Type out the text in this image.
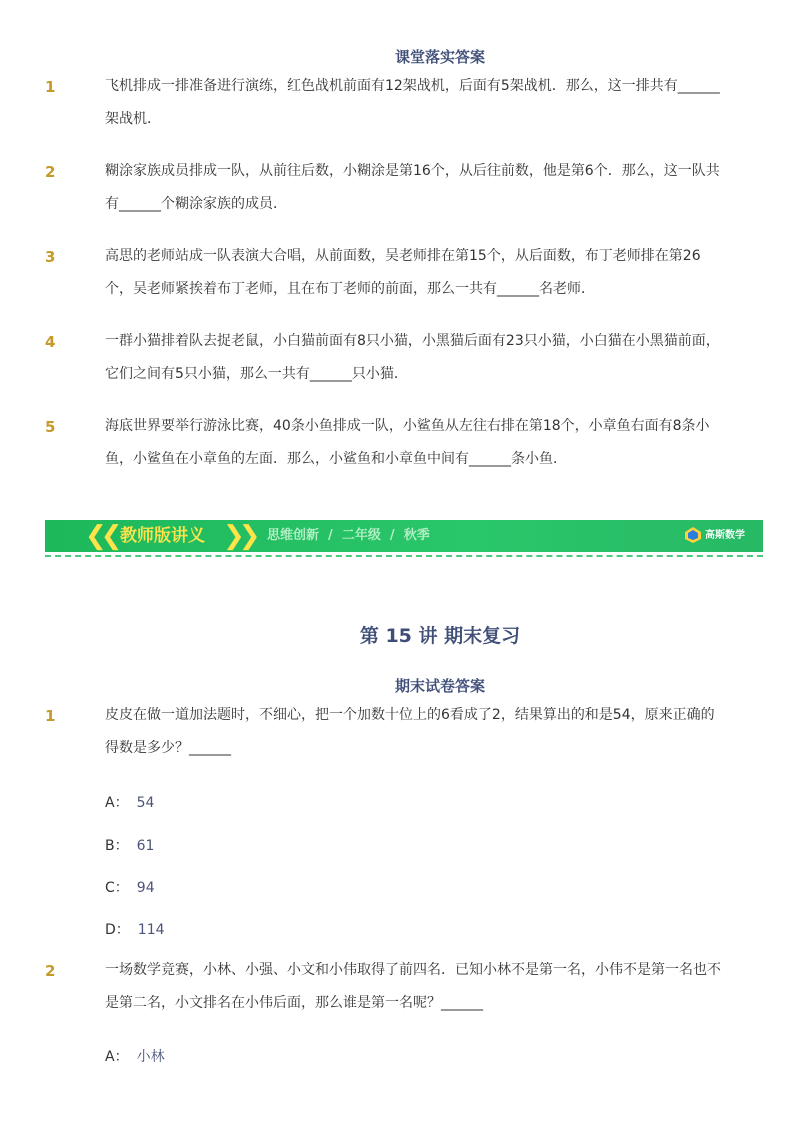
课堂落实答案
1	飞机排成一排准备进行演练，红色战机前面有12架战机，后面有5架战机．那么，这一排共有______架战机．
2	糊涂家族成员排成一队，从前往后数，小糊涂是第16个，从后往前数，他是第6个．那么，这一队共有______个糊涂家族的成员．
3	高思的老师站成一队表演大合唱，从前面数，吴老师排在第15个，从后面数，布丁老师排在第26个，吴老师紧挨着布丁老师，且在布丁老师的前面，那么一共有______名老师．
4	一群小猫排着队去捉老鼠，小白猫前面有8只小猫，小黑猫后面有23只小猫，小白猫在小黑猫前面，它们之间有5只小猫，那么一共有______只小猫．
5	海底世界要举行游泳比赛，40条小鱼排成一队，小鲨鱼从左往右排在第18个，小章鱼右面有8条小鱼，小鲨鱼在小章鱼的左面．那么，小鲨鱼和小章鱼中间有______条小鱼．
❮❮ 教师版讲义 ❯❯ 思维创新  /  二年级  /  秋季	高斯数学
第 15 讲 期末复习
期末试卷答案
1	皮皮在做一道加法题时，不细心，把一个加数十位上的6看成了2，结果算出的和是54，原来正确的得数是多少？______
A： 54
B： 61
C： 94
D： 114
2	一场数学竞赛，小林、小强、小文和小伟取得了前四名．已知小林不是第一名，小伟不是第一名也不是第二名，小文排名在小伟后面，那么谁是第一名呢？______
A： 小林
